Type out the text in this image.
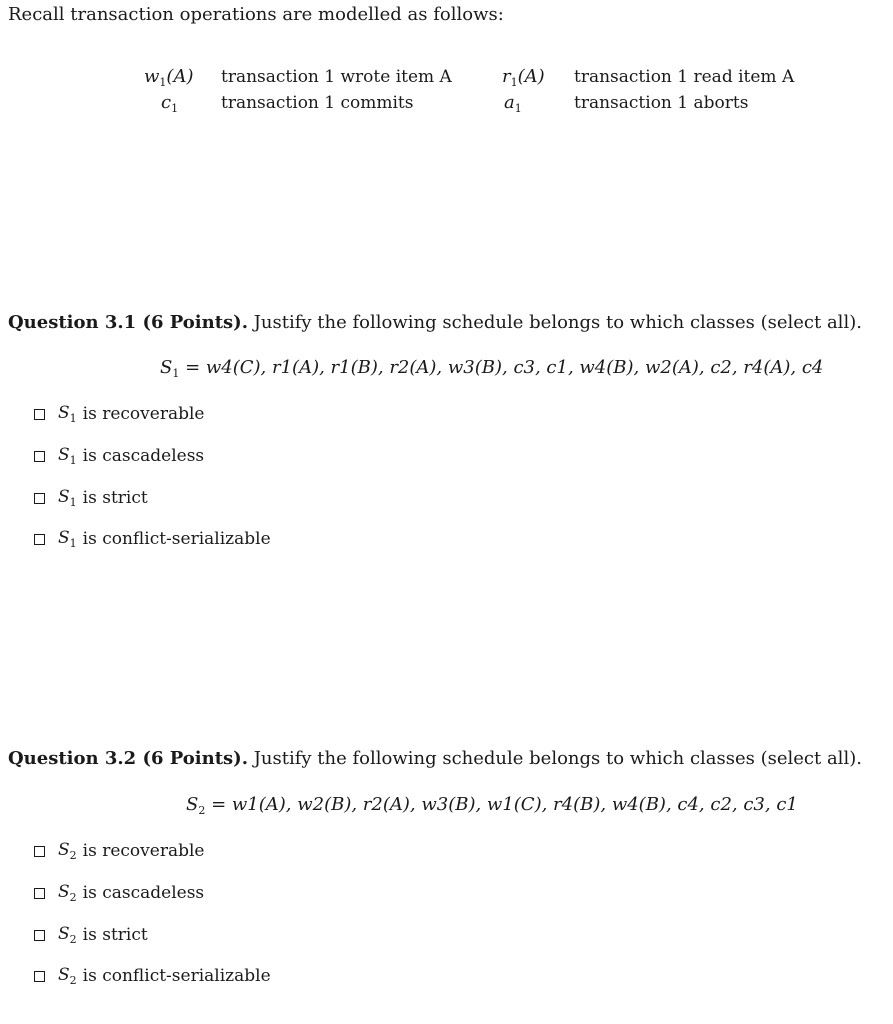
Recall transaction operations are modelled as follows:
$w_1(A)$ transaction 1 wrote item A	$r_1(A)$ transaction 1 read item A
$c_1$	transaction 1 commits	$a_1$	transaction 1 aborts
Question 3.1 (6 Points). Justify the following schedule belongs to which classes (select all).
$S_1 = w4(C)$, r1(A), r1(B), r2(A), w3(B), c3, c1, w4(B), w2(A), c2, r4(A), c4
$S_1$ is recoverable
$S_1$ is cascadeless
$S_1$ is strict
$S_1$ is conflict-serializable
Question 3.2 (6 Points). Justify the following schedule belongs to which classes (select all).
$S_2 = w1(A)$, w2(B), r2(A), w3(B), w1(C), r4(B), w4(B), c4, c2, c3, c1
$S_2$ is recoverable
$S_2$ is cascadeless
$S_2$ is strict
$S_2$ is conflict-serializable
